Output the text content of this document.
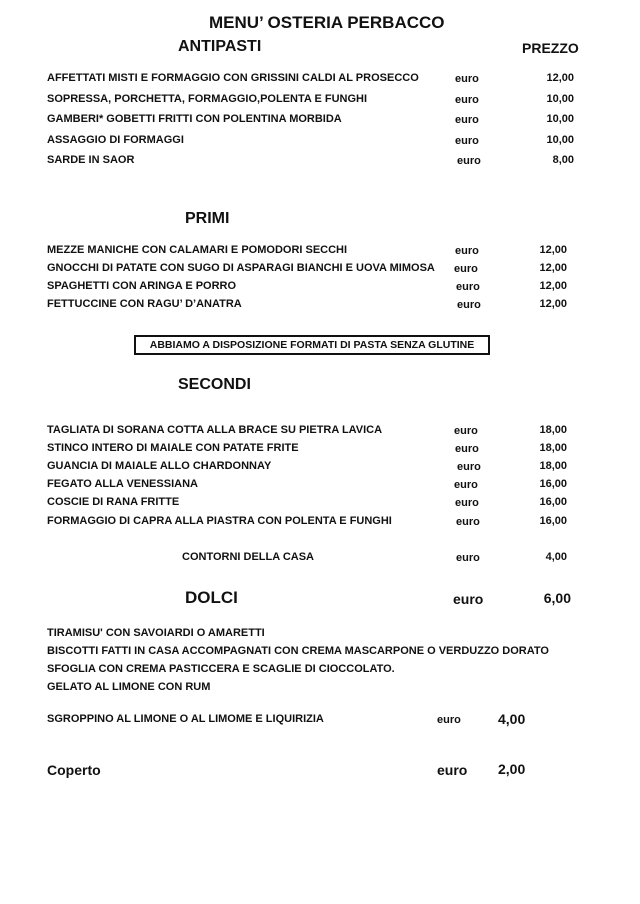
MENU’ OSTERIA PERBACCO
ANTIPASTI	PREZZO
AFFETTATI MISTI E FORMAGGIO CON GRISSINI CALDI AL PROSECCO	euro	12,00
SOPRESSA, PORCHETTA, FORMAGGIO,POLENTA E FUNGHI	euro	10,00
GAMBERI* GOBETTI FRITTI CON POLENTINA MORBIDA	euro	10,00
ASSAGGIO DI FORMAGGI	euro	10,00
SARDE IN SAOR	euro	8,00
PRIMI
MEZZE MANICHE CON CALAMARI E POMODORI SECCHI	euro	12,00
GNOCCHI DI PATATE CON SUGO DI ASPARAGI BIANCHI E UOVA MIMOSA euro	12,00
SPAGHETTI CON ARINGA E PORRO	euro	12,00
FETTUCCINE CON RAGU’ D’ANATRA	euro	12,00
ABBIAMO A DISPOSIZIONE FORMATI DI PASTA SENZA GLUTINE
SECONDI
TAGLIATA DI SORANA COTTA ALLA BRACE SU PIETRA LAVICA	euro	18,00
STINCO INTERO DI MAIALE CON PATATE FRITE	euro	18,00
GUANCIA DI MAIALE ALLO CHARDONNAY	euro	18,00
FEGATO ALLA VENESSIANA	euro	16,00
COSCIE DI RANA FRITTE	euro	16,00
FORMAGGIO DI CAPRA ALLA PIASTRA CON POLENTA E FUNGHI	euro	16,00
CONTORNI DELLA CASA	euro	4,00
DOLCI	euro	6,00
TIRAMISU' CON SAVOIARDI O AMARETTI
BISCOTTI FATTI IN CASA ACCOMPAGNATI CON CREMA MASCARPONE O VERDUZZO DORATO
SFOGLIA CON CREMA PASTICCERA E SCAGLIE DI CIOCCOLATO.
GELATO AL LIMONE CON RUM
SGROPPINO AL LIMONE O AL LIMOME E LIQUIRIZIA	euro	4,00
Coperto	euro 2,00
